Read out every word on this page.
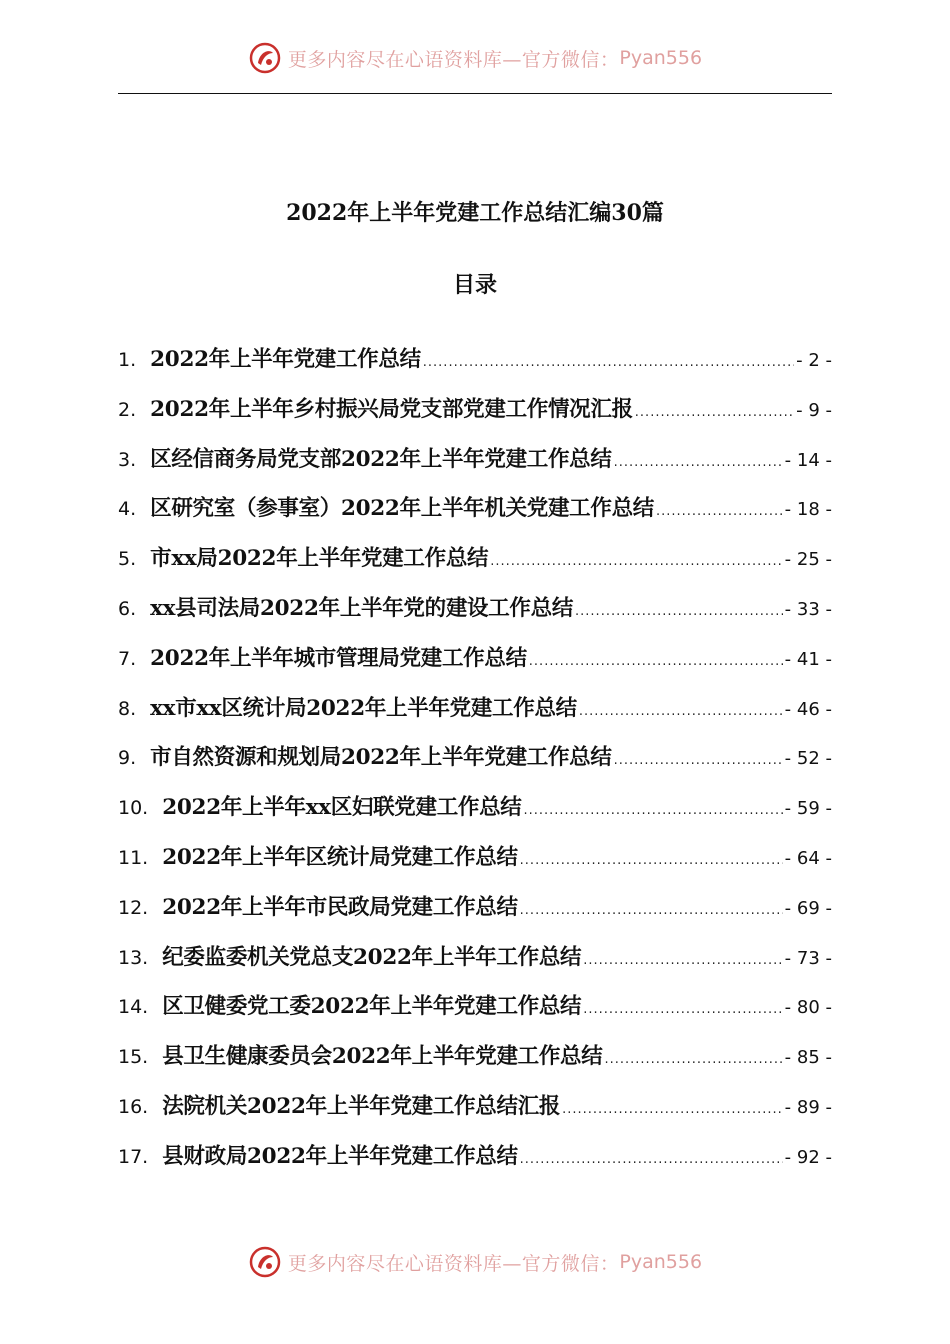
更多内容尽在心语资料库—官方微信： Pyan556
2022年上半年党建工作总结汇编30篇
目录
1. 2022年上半年党建工作总结 .....	- 2 -
2. 2022年上半年乡村振兴局党支部党建工作情况汇报 .....	- 9 -
3. 区经信商务局党支部2022年上半年党建工作总结 .....	- 14 -
4. 区研究室（参事室）2022年上半年机关党建工作总结 .....	- 18 -
5. 市xx局2022年上半年党建工作总结 .....	- 25 -
6. xx县司法局2022年上半年党的建设工作总结 .....	- 33 -
7. 2022年上半年城市管理局党建工作总结 .....	- 41 -
8. xx市xx区统计局2022年上半年党建工作总结 .....	- 46 -
9. 市自然资源和规划局2022年上半年党建工作总结 .....	- 52 -
10. 2022年上半年xx区妇联党建工作总结 .....	- 59 -
11. 2022年上半年区统计局党建工作总结 .....	- 64 -
12. 2022年上半年市民政局党建工作总结 .....	- 69 -
13. 纪委监委机关党总支2022年上半年工作总结 .....	- 73 -
14. 区卫健委党工委2022年上半年党建工作总结 .....	- 80 -
15. 县卫生健康委员会2022年上半年党建工作总结 .....	- 85 -
16. 法院机关2022年上半年党建工作总结汇报 .....	- 89 -
17. 县财政局2022年上半年党建工作总结 .....	- 92 -
更多内容尽在心语资料库—官方微信： Pyan556
